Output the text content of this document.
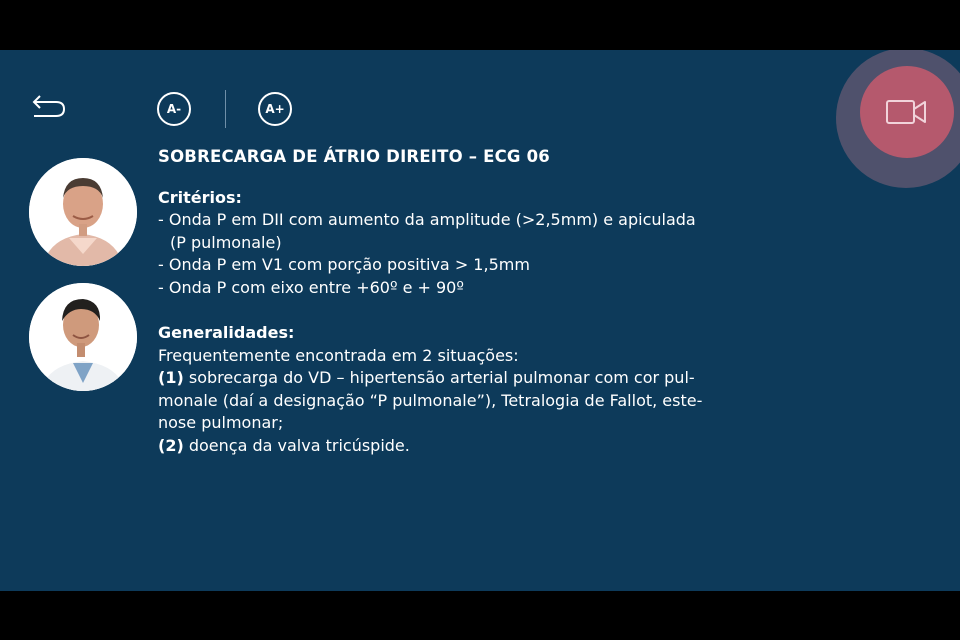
A-	A+
SOBRECARGA DE ÁTRIO DIREITO – ECG 06
Critérios:
- Onda P em DII com aumento da amplitude (>2,5mm) e apiculada
(P pulmonale)
- Onda P em V1 com porção positiva > 1,5mm
- Onda P com eixo entre +60º e + 90º
Generalidades:
Frequentemente encontrada em 2 situações:
(1) sobrecarga do VD – hipertensão arterial pulmonar com cor pul-
monale (daí a designação “P pulmonale”), Tetralogia de Fallot, este-
nose pulmonar;
(2) doença da valva tricúspide.
